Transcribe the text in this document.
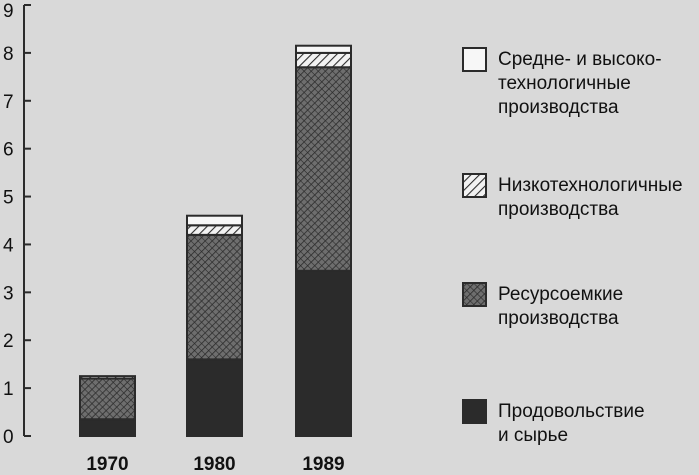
0
1
2
3
4
5
6
7
8
9
1970	1980	1989
Средне- и высоко-
технологичные
производства
Низкотехнологичные
производства
Ресурсоемкие
производства
Продовольствие
и сырье
